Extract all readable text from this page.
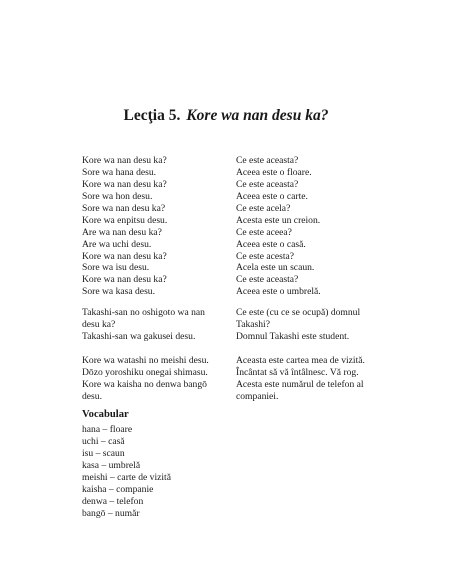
Lecţia 5. Kore wa nan desu ka?
Kore wa nan desu ka?
Sore wa hana desu.
Kore wa nan desu ka?
Sore wa hon desu.
Sore wa nan desu ka?
Kore wa enpitsu desu.
Are wa nan desu ka?
Are wa uchi desu.
Kore wa nan desu ka?
Sore wa isu desu.
Kore wa nan desu ka?
Sore wa kasa desu.
Ce este aceasta?
Aceea este o floare.
Ce este aceasta?
Aceea este o carte.
Ce este acela?
Acesta este un creion.
Ce este aceea?
Aceea este o casă.
Ce este acesta?
Acela este un scaun.
Ce este aceasta?
Aceea este o umbrelă.
Takashi-san no oshigoto wa nan
desu ka?
Takashi-san wa gakusei desu.
Ce este (cu ce se ocupă) domnul
Takashi?
Domnul Takashi este student.
Kore wa watashi no meishi desu.
Dōzo yoroshiku onegai shimasu.
Kore wa kaisha no denwa bangō
desu.
Aceasta este cartea mea de vizită.
Încântat să vă întâlnesc. Vă rog.
Acesta este numărul de telefon al
companiei.
Vocabular
hana – floare
uchi – casă
isu – scaun
kasa – umbrelă
meishi – carte de vizită
kaisha – companie
denwa – telefon
bangō – număr
